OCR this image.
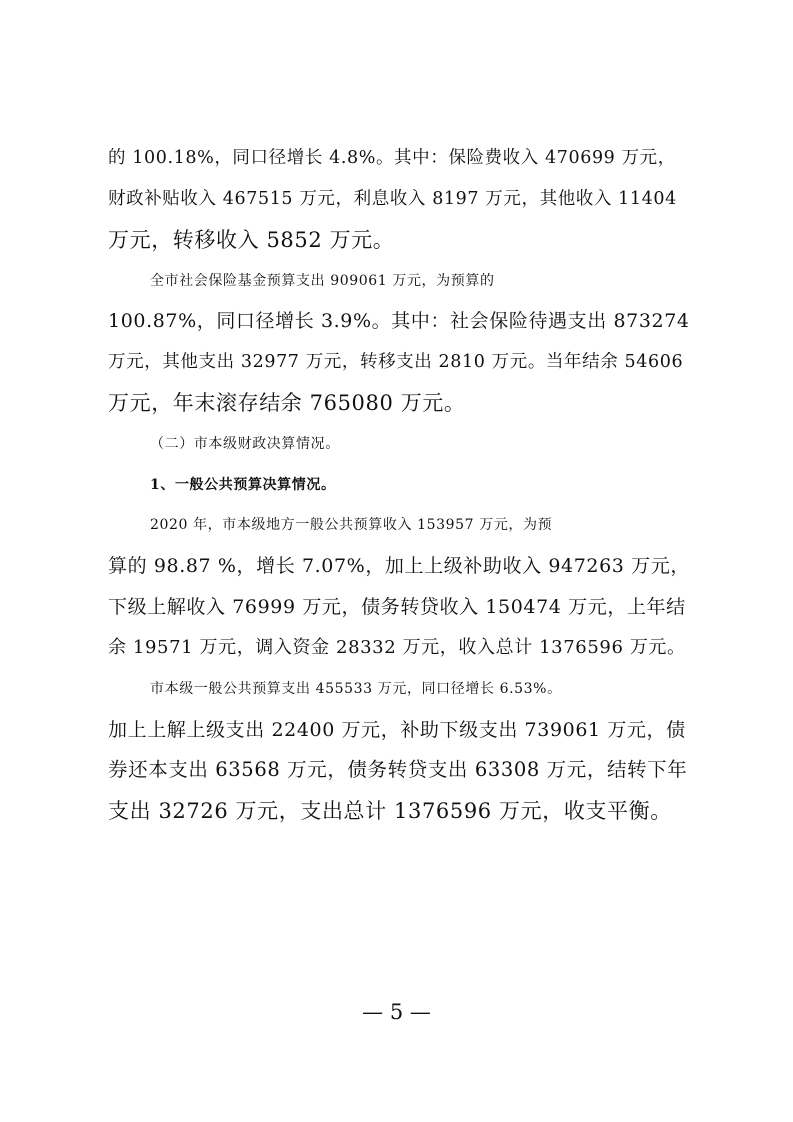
的 100.18%，同口径增长 4.8%。其中：保险费收入 470699 万元，
财政补贴收入 467515 万元，利息收入 8197 万元，其他收入 11404
万元，转移收入 5852 万元。
全市社会保险基金预算支出 909061 万元，为预算的
100.87%，同口径增长 3.9%。其中：社会保险待遇支出 873274
万元，其他支出 32977 万元，转移支出 2810 万元。当年结余 54606
万元，年末滚存结余 765080 万元。
（二）市本级财政决算情况。
1、一般公共预算决算情况。
2020 年，市本级地方一般公共预算收入 153957 万元，为预
算的 98.87 %，增长 7.07%，加上上级补助收入 947263 万元，
下级上解收入 76999 万元，债务转贷收入 150474 万元，上年结
余 19571 万元，调入资金 28332 万元，收入总计 1376596 万元。
市本级一般公共预算支出 455533 万元，同口径增长 6.53%。
加上上解上级支出 22400 万元，补助下级支出 739061 万元，债
券还本支出 63568 万元，债务转贷支出 63308 万元，结转下年
支出 32726 万元，支出总计 1376596 万元，收支平衡。
— 5 —
